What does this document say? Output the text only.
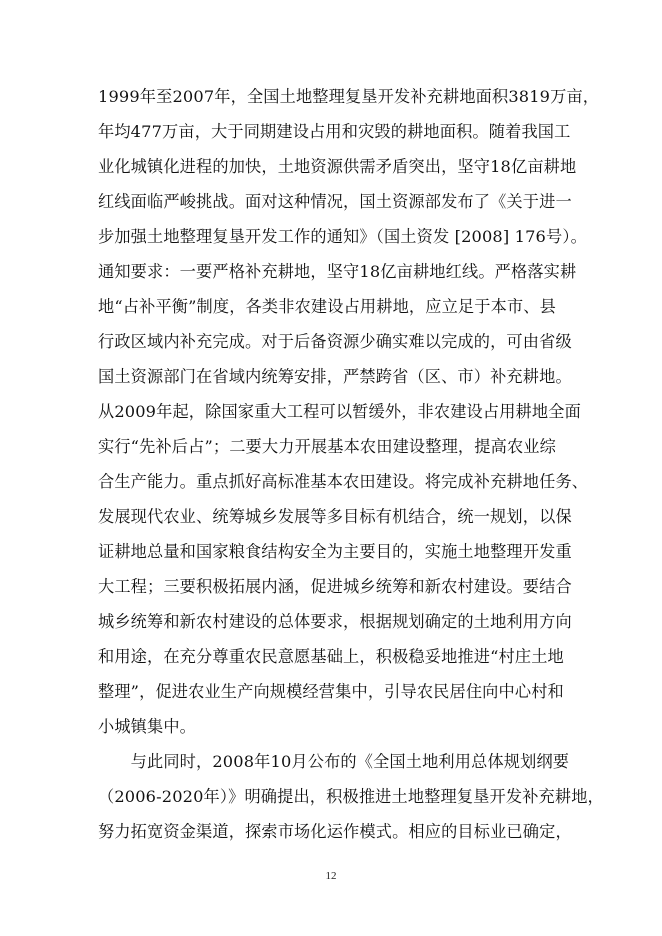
1999年至2007年，全国土地整理复垦开发补充耕地面积3819万亩，
年均477万亩，大于同期建设占用和灾毁的耕地面积。随着我国工
业化城镇化进程的加快，土地资源供需矛盾突出，坚守18亿亩耕地
红线面临严峻挑战。面对这种情况，国土资源部发布了《关于进一
步加强土地整理复垦开发工作的通知》（国土资发 [2008] 176号）。
通知要求：一要严格补充耕地，坚守18亿亩耕地红线。严格落实耕
地“占补平衡”制度，各类非农建设占用耕地，应立足于本市、县
行政区域内补充完成。对于后备资源少确实难以完成的，可由省级
国土资源部门在省域内统筹安排，严禁跨省（区、市）补充耕地。
从2009年起，除国家重大工程可以暂缓外，非农建设占用耕地全面
实行“先补后占”；二要大力开展基本农田建设整理，提高农业综
合生产能力。重点抓好高标准基本农田建设。将完成补充耕地任务、
发展现代农业、统筹城乡发展等多目标有机结合，统一规划，以保
证耕地总量和国家粮食结构安全为主要目的，实施土地整理开发重
大工程；三要积极拓展内涵，促进城乡统筹和新农村建设。要结合
城乡统筹和新农村建设的总体要求，根据规划确定的土地利用方向
和用途，在充分尊重农民意愿基础上，积极稳妥地推进“村庄土地
整理”，促进农业生产向规模经营集中，引导农民居住向中心村和
小城镇集中。
　　与此同时，2008年10月公布的《全国土地利用总体规划纲要
（2006-2020年）》明确提出，积极推进土地整理复垦开发补充耕地，
努力拓宽资金渠道，探索市场化运作模式。相应的目标业已确定，
12
